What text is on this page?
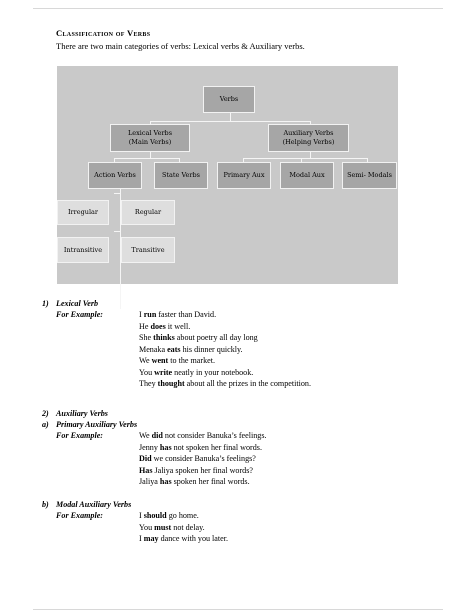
Classification of Verbs
There are two main categories of verbs: Lexical verbs & Auxiliary verbs.
Verbs
Lexical Verbs
(Main Verbs)
Auxiliary Verbs
(Helping Verbs)
Action Verbs	State Verbs	Primary Aux	Modal Aux	Semi- Modals
Irregular	Regular
Intransitive	Transitive
1) Lexical Verb
For Example:	I run faster than David.
He does it well.
She thinks about poetry all day long
Menaka eats his dinner quickly.
We went to the market.
You write neatly in your notebook.
They thought about all the prizes in the competition.
2) Auxiliary Verbs
a) Primary Auxiliary Verbs
For Example:	We did not consider Banuka’s feelings.
Jenny has not spoken her final words.
Did we consider Banuka’s feelings?
Has Jaliya spoken her final words?
Jaliya has spoken her final words.
b) Modal Auxiliary Verbs
For Example:	I should go home.
You must not delay.
I may dance with you later.
